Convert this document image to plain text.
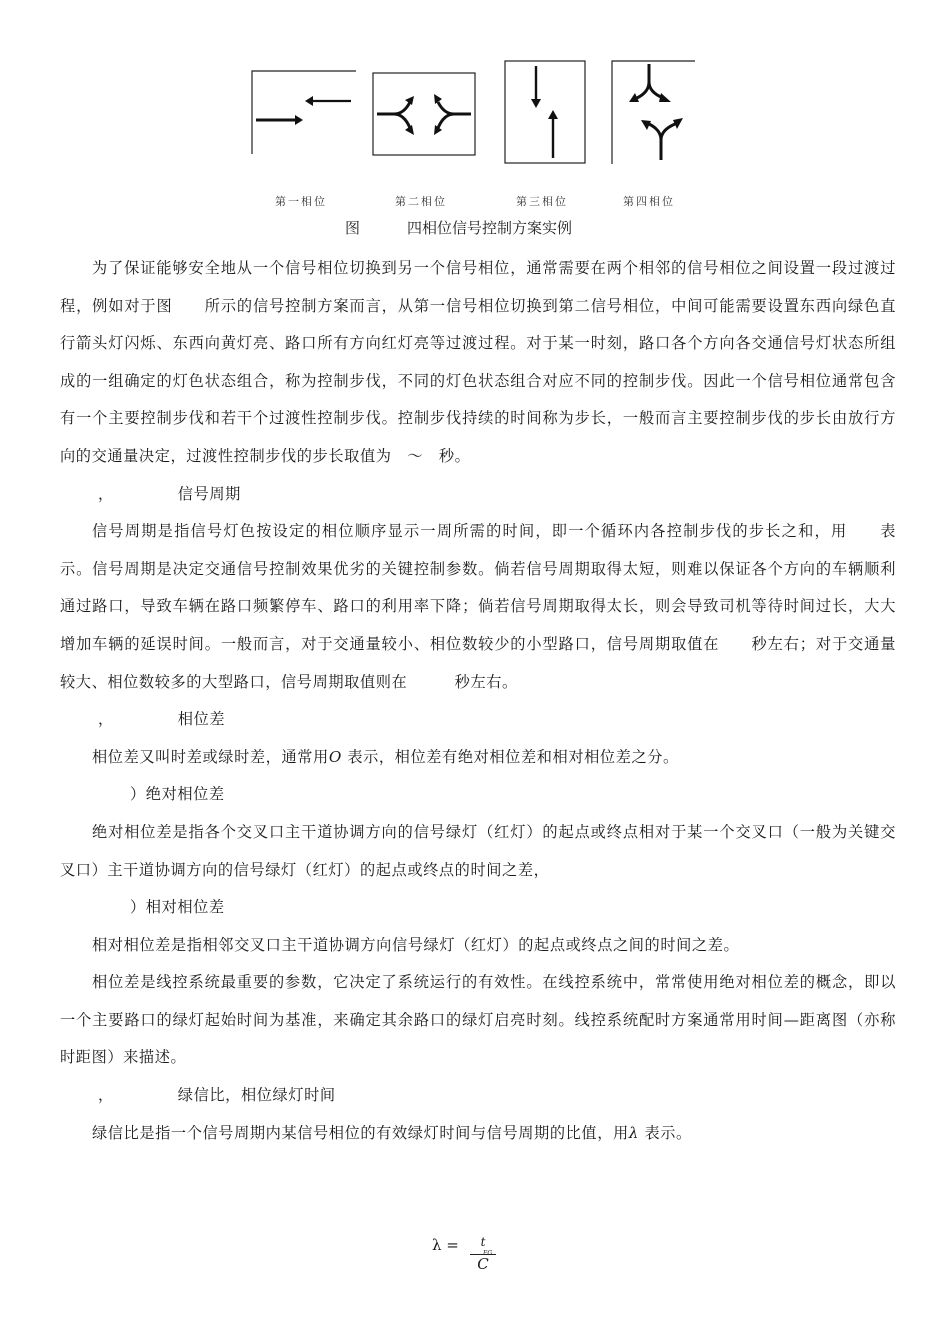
第一相位	第二相位	第三相位	第四相位
图	四相位信号控制方案实例

为了保证能够安全地从一个信号相位切换到另一个信号相位，通常需要在两个相邻的信号相位之间设置一段过渡过程，例如对于图　　所示的信号控制方案而言，从第一信号相位切换到第二信号相位，中间可能需要设置东西向绿色直行箭头灯闪烁、东西向黄灯亮、路口所有方向红灯亮等过渡过程。对于某一时刻，路口各个方向各交通信号灯状态所组成的一组确定的灯色状态组合，称为控制步伐，不同的灯色状态组合对应不同的控制步伐。因此一个信号相位通常包含有一个主要控制步伐和若干个过渡性控制步伐。控制步伐持续的时间称为步长，一般而言主要控制步伐的步长由放行方向的交通量决定，过渡性控制步伐的步长取值为　～　秒。

，	信号周期

信号周期是指信号灯色按设定的相位顺序显示一周所需的时间，即一个循环内各控制步伐的步长之和，用　　表示。信号周期是决定交通信号控制效果优劣的关键控制参数。倘若信号周期取得太短，则难以保证各个方向的车辆顺利通过路口，导致车辆在路口频繁停车、路口的利用率下降；倘若信号周期取得太长，则会导致司机等待时间过长，大大增加车辆的延误时间。一般而言，对于交通量较小、相位数较少的小型路口，信号周期取值在　　秒左右；对于交通量较大、相位数较多的大型路口，信号周期取值则在　　　秒左右。

，	相位差

相位差又叫时差或绿时差，通常用O 表示，相位差有绝对相位差和相对相位差之分。

）绝对相位差

绝对相位差是指各个交叉口主干道协调方向的信号绿灯（红灯）的起点或终点相对于某一个交叉口（一般为关键交叉口）主干道协调方向的信号绿灯（红灯）的起点或终点的时间之差，

）相对相位差

相对相位差是指相邻交叉口主干道协调方向信号绿灯（红灯）的起点或终点之间的时间之差。

相位差是线控系统最重要的参数，它决定了系统运行的有效性。在线控系统中，常常使用绝对相位差的概念，即以一个主要路口的绿灯起始时间为基准，来确定其余路口的绿灯启亮时刻。线控系统配时方案通常用时间—距离图（亦称时距图）来描述。

，	绿信比，相位绿灯时间

绿信比是指一个信号周期内某信号相位的有效绿灯时间与信号周期的比值，用λ 表示。

λ =	t
EG
C
